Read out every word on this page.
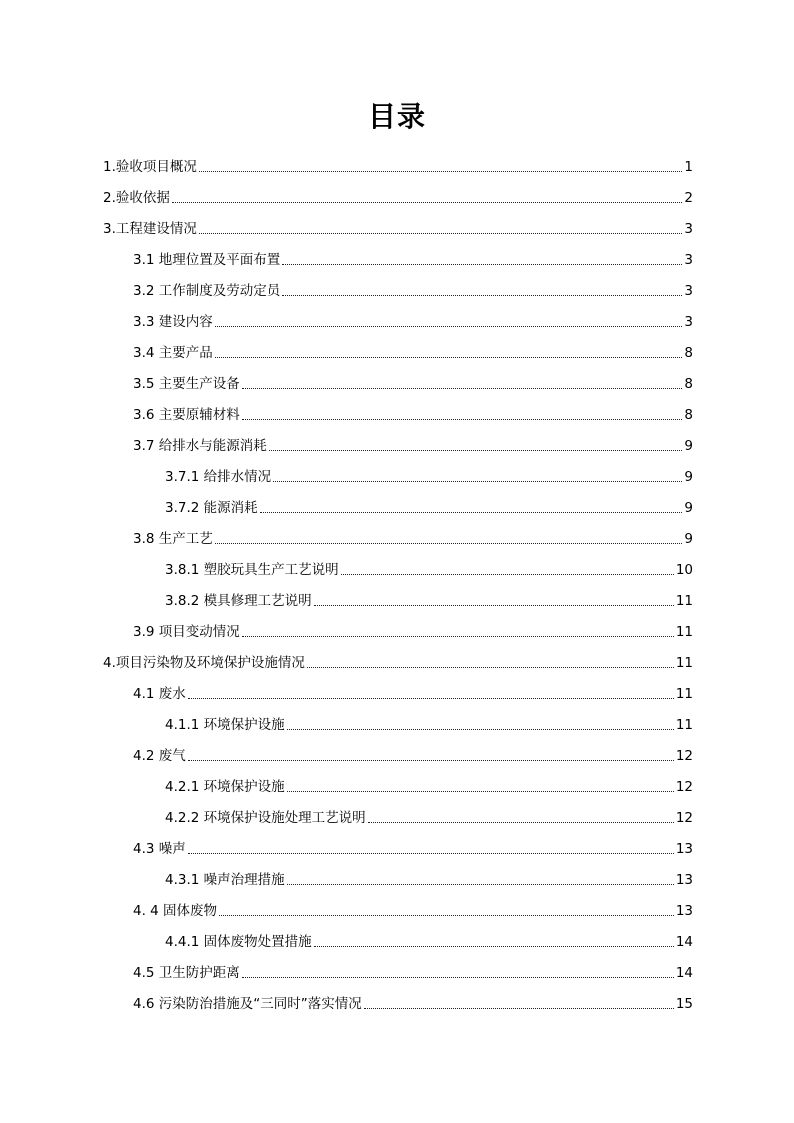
目录
1.验收项目概况	1
2.验收依据	2
3.工程建设情况	3
3.1 地理位置及平面布置	3
3.2 工作制度及劳动定员	3
3.3 建设内容	3
3.4 主要产品	8
3.5 主要生产设备	8
3.6 主要原辅材料	8
3.7 给排水与能源消耗	9
3.7.1 给排水情况	9
3.7.2 能源消耗	9
3.8 生产工艺	9
3.8.1 塑胶玩具生产工艺说明	10
3.8.2 模具修理工艺说明	11
3.9 项目变动情况	11
4.项目污染物及环境保护设施情况	11
4.1 废水	11
4.1.1 环境保护设施	11
4.2 废气	12
4.2.1 环境保护设施	12
4.2.2 环境保护设施处理工艺说明	12
4.3 噪声	13
4.3.1 噪声治理措施	13
4. 4 固体废物	13
4.4.1 固体废物处置措施	14
4.5 卫生防护距离	14
4.6 污染防治措施及“三同时”落实情况	15
